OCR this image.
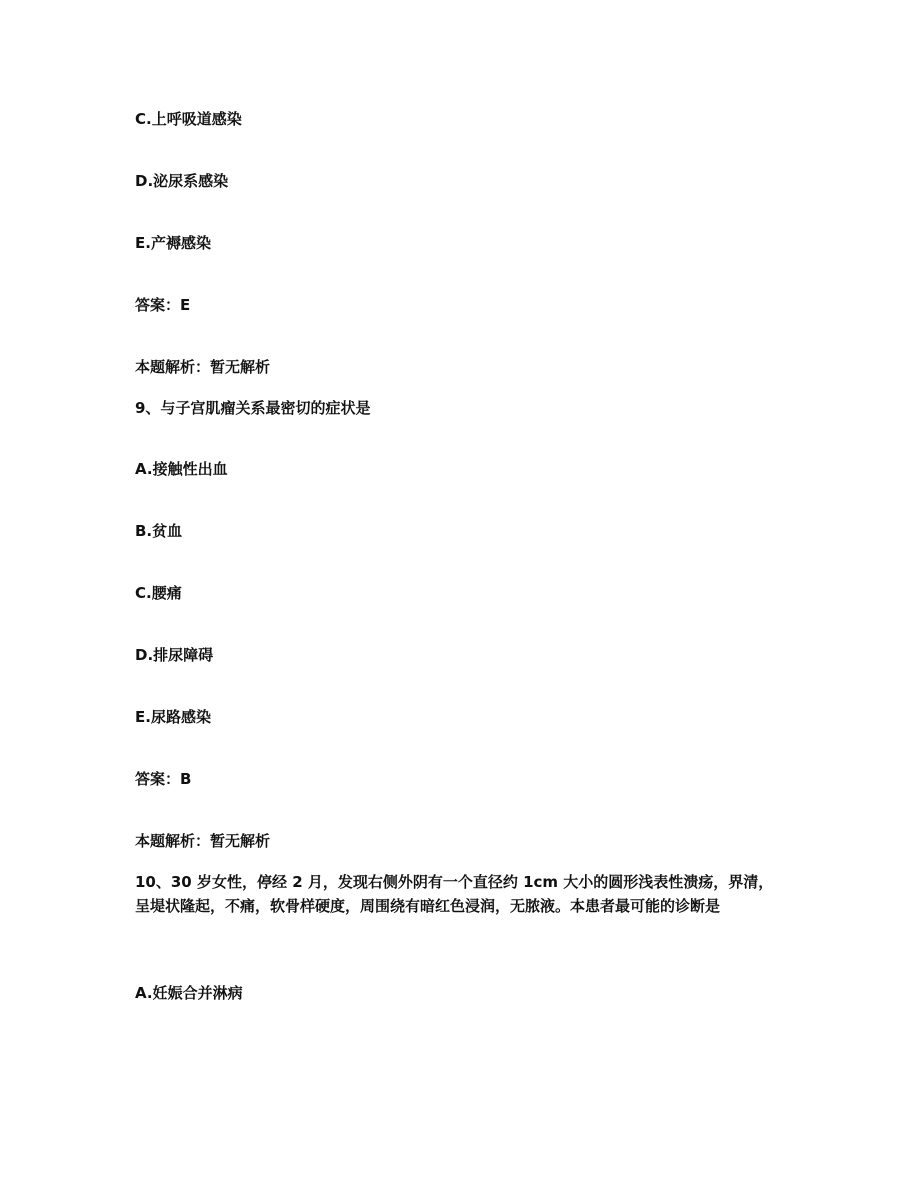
C.上呼吸道感染
D.泌尿系感染
E.产褥感染
答案：E
本题解析：暂无解析
9、与子宫肌瘤关系最密切的症状是
A.接触性出血
B.贫血
C.腰痛
D.排尿障碍
E.尿路感染
答案：B
本题解析：暂无解析
10、30 岁女性，停经 2 月，发现右侧外阴有一个直径约 1cm 大小的圆形浅表性溃疡，界清，呈堤状隆起，不痛，软骨样硬度，周围绕有暗红色浸润，无脓液。本患者最可能的诊断是
A.妊娠合并淋病
